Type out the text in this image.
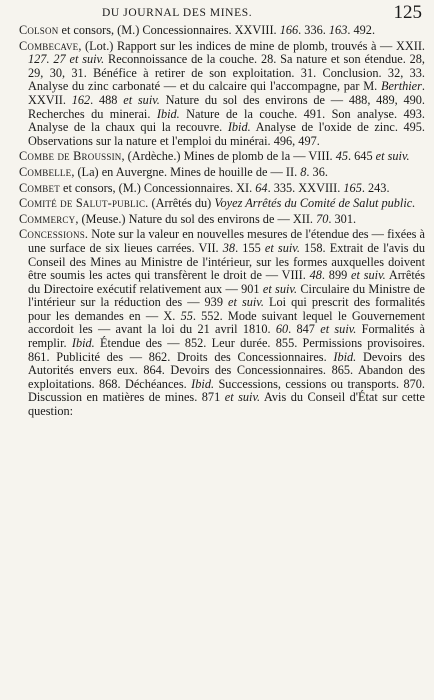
DU JOURNAL DES MINES.	125
Colson et consors, (M.) Concessionnaires. XXVIII. 166. 336. 163. 492.
Combecave, (Lot.) Rapport sur les indices de mine de plomb, trouvés à — XXII. 127. 27 et suiv. Reconnoissance de la couche. 28. Sa nature et son étendue. 28, 29, 30, 31. Bénéfice à retirer de son exploitation. 31. Conclusion. 32, 33. Analyse du zinc carbonaté — et du calcaire qui l'accompagne, par M. Berthier. XXVII. 162. 488 et suiv. Nature du sol des environs de — 488, 489, 490. Recherches du minerai. Ibid. Nature de la couche. 491. Son analyse. 493. Analyse de la chaux qui la recouvre. Ibid. Analyse de l'oxide de zinc. 495. Observations sur la nature et l'emploi du minérai. 496, 497.
Combe de Broussin, (Ardèche.) Mines de plomb de la — VIII. 45. 645 et suiv.
Combelle, (La) en Auvergne. Mines de houille de — II. 8. 36.
Combet et consors, (M.) Concessionnaires. XI. 64. 335. XXVIII. 165. 243.
Comité de Salut-public. (Arrêtés du) Voyez Arrêtés du Comité de Salut public.
Commercy, (Meuse.) Nature du sol des environs de — XII. 70. 301.
Concessions. Note sur la valeur en nouvelles mesures de l'étendue des — fixées à une surface de six lieues carrées. VII. 38. 155 et suiv. 158. Extrait de l'avis du Conseil des Mines au Ministre de l'intérieur, sur les formes auxquelles doivent être soumis les actes qui transfèrent le droit de — VIII. 48. 899 et suiv. Arrêtés du Directoire exécutif relativement aux — 901 et suiv. Circulaire du Ministre de l'intérieur sur la réduction des — 939 et suiv. Loi qui prescrit des formalités pour les demandes en — X. 55. 552. Mode suivant lequel le Gouvernement accordoit les — avant la loi du 21 avril 1810. 60. 847 et suiv. Formalités à remplir. Ibid. Étendue des — 852. Leur durée. 855. Permissions provisoires. 861. Publicité des — 862. Droits des Concessionnaires. Ibid. Devoirs des Autorités envers eux. 864. Devoirs des Concessionnaires. 865. Abandon des exploitations. 868. Déchéances. Ibid. Successions, cessions ou transports. 870. Discussion en matières de mines. 871 et suiv. Avis du Conseil d'État sur cette question:
